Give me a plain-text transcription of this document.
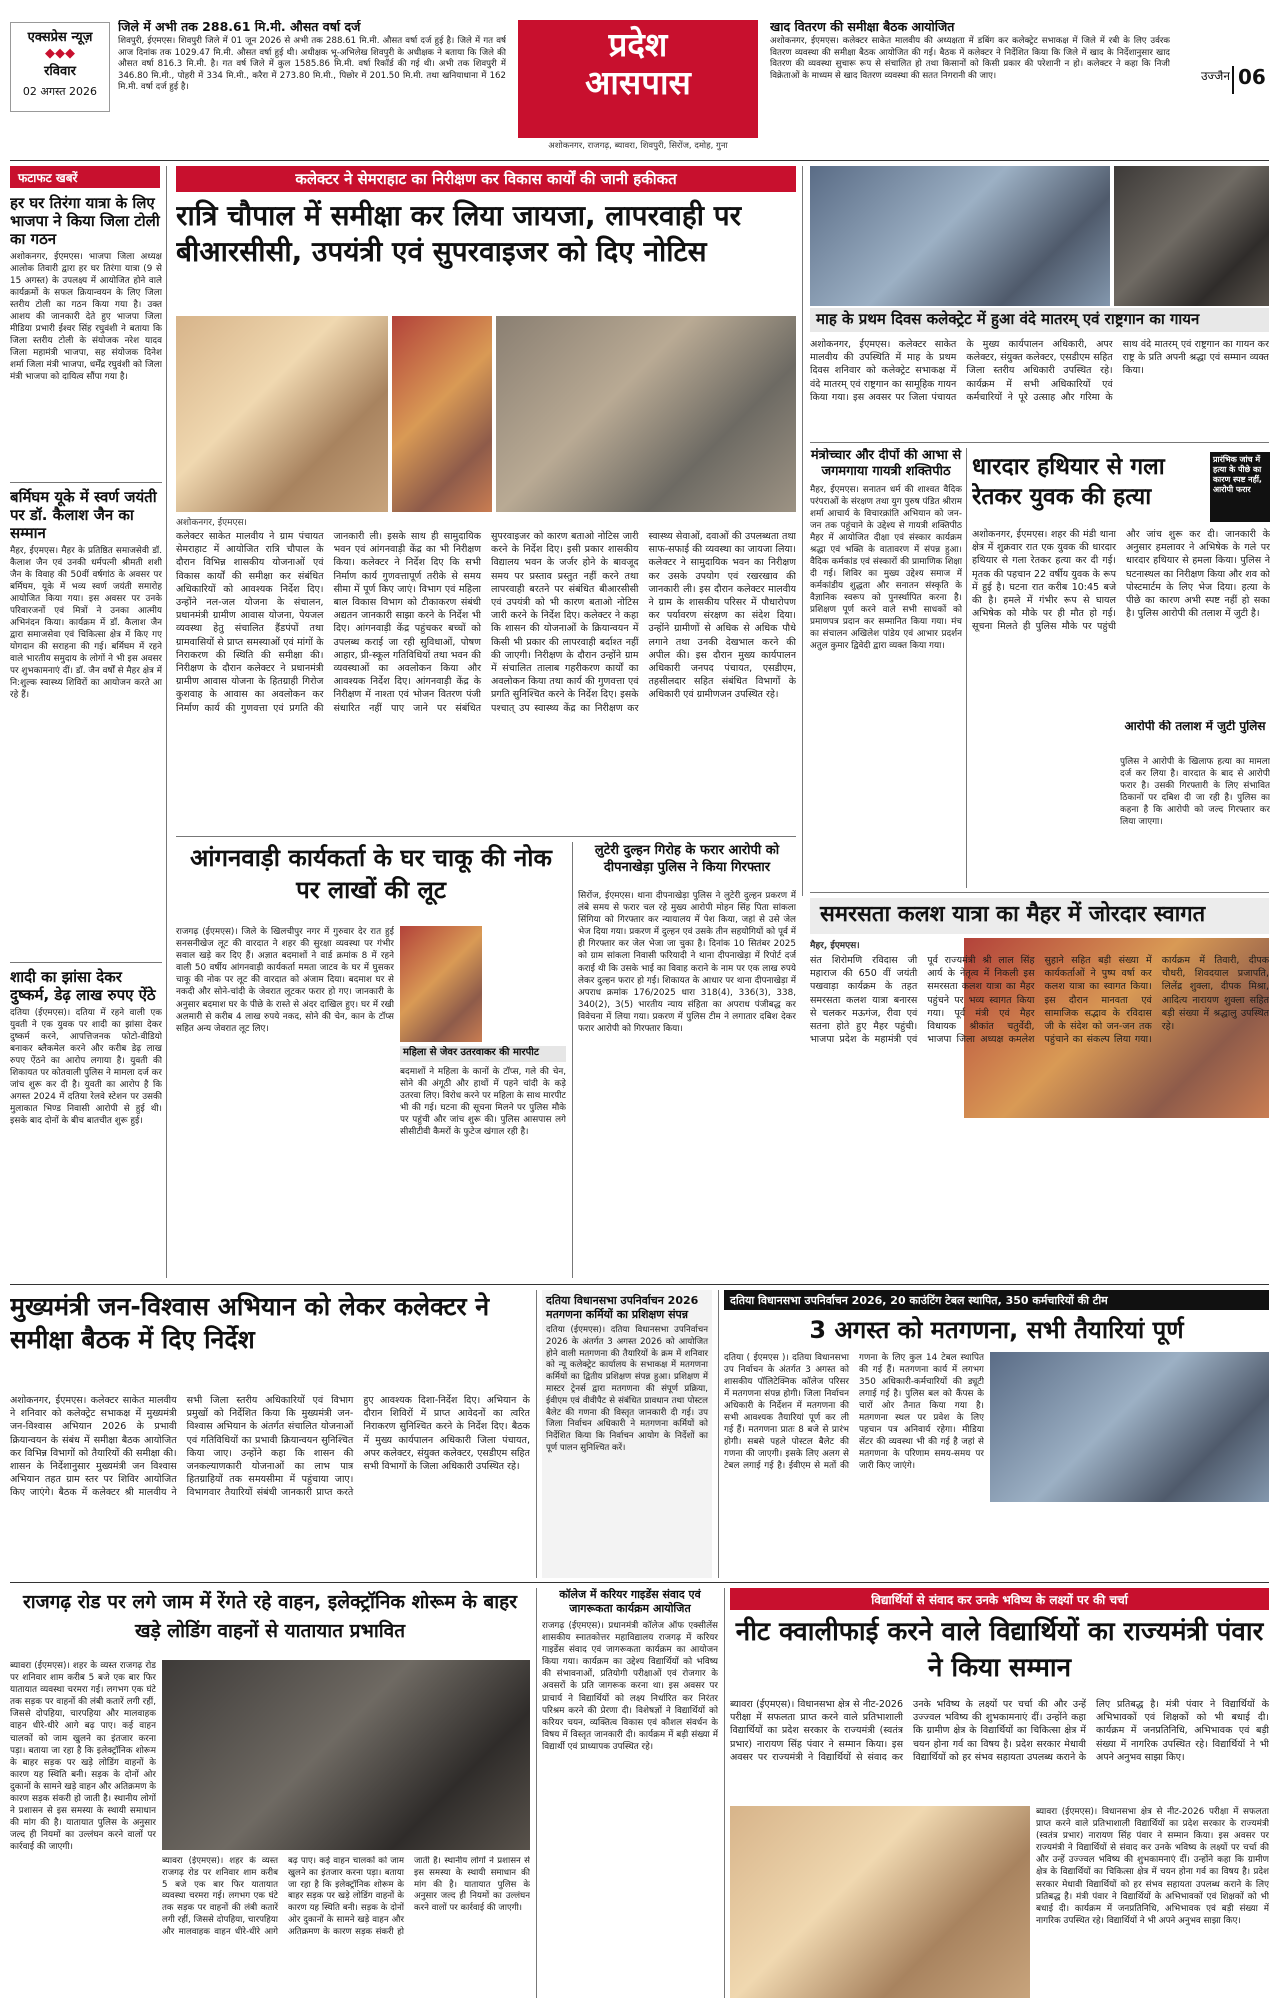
एक्सप्रेस न्यूज़
◆◆◆
रविवार
02 अगस्त 2026
जिले में अभी तक 288.61 मि.मी. औसत वर्षा दर्ज
शिवपुरी, ईएमएस। शिवपुरी जिले में 01 जून 2026 से अभी तक 288.61 मि.मी. औसत वर्षा दर्ज हुई है। जिले में गत वर्ष आज दिनांक तक 1029.47 मि.मी. औसत वर्षा हुई थी। अधीक्षक भू-अभिलेख शिवपुरी के अधीक्षक ने बताया कि जिले की औसत वर्षा 816.3 मि.मी. है। गत वर्ष जिले में कुल 1585.86 मि.मी. वर्षा रिकॉर्ड की गई थी। अभी तक शिवपुरी में 346.80 मि.मी., पोहरी में 334 मि.मी., करैरा में 273.80 मि.मी., पिछोर में 201.50 मि.मी. तथा खनियाधाना में 162 मि.मी. वर्षा दर्ज हुई है।
प्रदेश
आसपास
अशोकनगर, राजगढ़, ब्यावरा, शिवपुरी, सिरोंज, दमोह, गुना
खाद वितरण की समीक्षा बैठक आयोजित
अशोकनगर, ईएमएस। कलेक्टर साकेत मालवीय की अध्यक्षता में डबिंग कर कलेक्ट्रेट सभाकक्ष में जिले में रबी के लिए उर्वरक वितरण व्यवस्था की समीक्षा बैठक आयोजित की गई। बैठक में कलेक्टर ने निर्देशित किया कि जिले में खाद के निर्देशानुसार खाद वितरण की व्यवस्था सुचारू रूप से संचालित हो तथा किसानों को किसी प्रकार की परेशानी न हो। कलेक्टर ने कहा कि निजी विक्रेताओं के माध्यम से खाद वितरण व्यवस्था की सतत निगरानी की जाए।	उज्जैन 06
फटाफट खबरें
हर घर तिरंगा यात्रा के लिए भाजपा ने किया जिला टोली का गठन
अशोकनगर, ईएमएस। भाजपा जिला अध्यक्ष आलोक तिवारी द्वारा हर घर तिरंगा यात्रा (9 से 15 अगस्त) के उपलक्ष्य में आयोजित होने वाले कार्यक्रमों के सफल क्रियान्वयन के लिए जिला स्तरीय टोली का गठन किया गया है। उक्त आशय की जानकारी देते हुए भाजपा जिला मीडिया प्रभारी ईश्वर सिंह रघुवंशी ने बताया कि जिला स्तरीय टोली के संयोजक नरेश यादव जिला महामंत्री भाजपा, सह संयोजक दिनेश शर्मा जिला मंत्री भाजपा, धर्मेंद्र रघुवंशी को जिला मंत्री भाजपा को दायित्व सौंपा गया है।
बर्मिघम यूके में स्वर्ण जयंती पर डॉ. कैलाश जैन का सम्मान
मैहर, ईएमएस। मैहर के प्रतिष्ठित समाजसेवी डॉ. कैलाश जैन एवं उनकी धर्मपत्नी श्रीमती शशी जैन के विवाह की 50वीं वर्षगांठ के अवसर पर बर्मिघम, यूके में भव्य स्वर्ण जयंती समारोह आयोजित किया गया। इस अवसर पर उनके परिवारजनों एवं मित्रों ने उनका आत्मीय अभिनंदन किया। कार्यक्रम में डॉ. कैलाश जैन द्वारा समाजसेवा एवं चिकित्सा क्षेत्र में किए गए योगदान की सराहना की गई। बर्मिघम में रहने वाले भारतीय समुदाय के लोगों ने भी इस अवसर पर शुभकामनाएं दीं। डॉ. जैन वर्षों से मैहर क्षेत्र में नि:शुल्क स्वास्थ्य शिविरों का आयोजन करते आ रहे हैं।
शादी का झांसा देकर दुष्कर्म, डेढ़ लाख रुपए ऐंठे
दतिया (ईएमएस)। दतिया में रहने वाली एक युवती ने एक युवक पर शादी का झांसा देकर दुष्कर्म करने, आपत्तिजनक फोटो-वीडियो बनाकर ब्लैकमेल करने और करीब डेढ़ लाख रुपए ऐंठने का आरोप लगाया है। युवती की शिकायत पर कोतवाली पुलिस ने मामला दर्ज कर जांच शुरू कर दी है। युवती का आरोप है कि अगस्त 2024 में दतिया रेलवे स्टेशन पर उसकी मुलाकात भिण्ड निवासी आरोपी से हुई थी। इसके बाद दोनों के बीच बातचीत शुरू हुई।
कलेक्टर ने सेमराहाट का निरीक्षण कर विकास कार्यों की जानी हकीकत
रात्रि चौपाल में समीक्षा कर लिया जायजा, लापरवाही पर बीआरसीसी, उपयंत्री एवं सुपरवाइजर को दिए नोटिस
अशोकनगर, ईएमएस।
कलेक्टर साकेत मालवीय ने ग्राम पंचायत सेमराहाट में आयोजित रात्रि चौपाल के दौरान विभिन्न शासकीय योजनाओं एवं विकास कार्यों की समीक्षा कर संबंधित अधिकारियों को आवश्यक निर्देश दिए। उन्होंने नल-जल योजना के संचालन, प्रधानमंत्री ग्रामीण आवास योजना, पेयजल व्यवस्था हेतु संचालित हैंडपंपों तथा ग्रामवासियों से प्राप्त समस्याओं एवं मांगों के निराकरण की स्थिति की समीक्षा की। निरीक्षण के दौरान कलेक्टर ने प्रधानमंत्री ग्रामीण आवास योजना के हितग्राही गिरोज कुशवाह के आवास का अवलोकन कर निर्माण कार्य की गुणवत्ता एवं प्रगति की जानकारी ली। इसके साथ ही सामुदायिक भवन एवं आंगनवाड़ी केंद्र का भी निरीक्षण किया। कलेक्टर ने निर्देश दिए कि सभी निर्माण कार्य गुणवत्तापूर्ण तरीके से समय सीमा में पूर्ण किए जाएं। विभाग एवं महिला बाल विकास विभाग को टीकाकरण संबंधी अद्यतन जानकारी साझा करने के निर्देश भी दिए। आंगनवाड़ी केंद्र पहुंचकर बच्चों को उपलब्ध कराई जा रही सुविधाओं, पोषण आहार, प्री-स्कूल गतिविधियों तथा भवन की व्यवस्थाओं का अवलोकन किया और आवश्यक निर्देश दिए। आंगनवाड़ी केंद्र के निरीक्षण में नाश्ता एवं भोजन वितरण पंजी संधारित नहीं पाए जाने पर संबंधित सुपरवाइजर को कारण बताओ नोटिस जारी करने के निर्देश दिए। इसी प्रकार शासकीय विद्यालय भवन के जर्जर होने के बावजूद समय पर प्रस्ताव प्रस्तुत नहीं करने तथा लापरवाही बरतने पर संबंधित बीआरसीसी एवं उपयंत्री को भी कारण बताओ नोटिस जारी करने के निर्देश दिए। कलेक्टर ने कहा कि शासन की योजनाओं के क्रियान्वयन में किसी भी प्रकार की लापरवाही बर्दाश्त नहीं की जाएगी। निरीक्षण के दौरान उन्होंने ग्राम में संचालित तालाब गहरीकरण कार्यों का अवलोकन किया तथा कार्य की गुणवत्ता एवं प्रगति सुनिश्चित करने के निर्देश दिए। इसके पश्चात् उप स्वास्थ्य केंद्र का निरीक्षण कर स्वास्थ्य सेवाओं, दवाओं की उपलब्धता तथा साफ-सफाई की व्यवस्था का जायजा लिया। कलेक्टर ने सामुदायिक भवन का निरीक्षण कर उसके उपयोग एवं रखरखाव की जानकारी ली। इस दौरान कलेक्टर मालवीय ने ग्राम के शासकीय परिसर में पौधारोपण कर पर्यावरण संरक्षण का संदेश दिया। उन्होंने ग्रामीणों से अधिक से अधिक पौधे लगाने तथा उनकी देखभाल करने की अपील की। इस दौरान मुख्य कार्यपालन अधिकारी जनपद पंचायत, एसडीएम, तहसीलदार सहित संबंधित विभागों के अधिकारी एवं ग्रामीणजन उपस्थित रहे।
माह के प्रथम दिवस कलेक्ट्रेट में हुआ वंदे मातरम् एवं राष्ट्रगान का गायन
अशोकनगर, ईएमएस। कलेक्टर साकेत मालवीय की उपस्थिति में माह के प्रथम दिवस शनिवार को कलेक्ट्रेट सभाकक्ष में वंदे मातरम् एवं राष्ट्रगान का सामूहिक गायन किया गया। इस अवसर पर जिला पंचायत के मुख्य कार्यपालन अधिकारी, अपर कलेक्टर, संयुक्त कलेक्टर, एसडीएम सहित जिला स्तरीय अधिकारी उपस्थित रहे। कार्यक्रम में सभी अधिकारियों एवं कर्मचारियों ने पूरे उत्साह और गरिमा के साथ वंदे मातरम् एवं राष्ट्रगान का गायन कर राष्ट्र के प्रति अपनी श्रद्धा एवं सम्मान व्यक्त किया।
मंत्रोच्चार और दीपों की आभा से जगमगाया गायत्री शक्तिपीठ
मैहर, ईएमएस। सनातन धर्म की शाश्वत वैदिक परंपराओं के संरक्षण तथा युग पुरुष पंडित श्रीराम शर्मा आचार्य के विचारक्रांति अभियान को जन-जन तक पहुंचाने के उद्देश्य से गायत्री शक्तिपीठ मैहर में आयोजित दीक्षा एवं संस्कार कार्यक्रम श्रद्धा एवं भक्ति के वातावरण में संपन्न हुआ। वैदिक कर्मकांड एवं संस्कारों की प्रामाणिक शिक्षा दी गई। शिविर का मुख्य उद्देश्य समाज में कर्मकांडीय शुद्धता और सनातन संस्कृति के वैज्ञानिक स्वरूप को पुनर्स्थापित करना है। प्रशिक्षण पूर्ण करने वाले सभी साधकों को प्रमाणपत्र प्रदान कर सम्मानित किया गया। मंच का संचालन अखिलेश पांडेय एवं आभार प्रदर्शन अतुल कुमार द्विवेदी द्वारा व्यक्त किया गया।
धारदार हथियार से गला रेतकर युवक की हत्या
प्रारंभिक जांच में हत्या के पीछे का कारण स्पष्ट नहीं, आरोपी फरार
अशोकनगर, ईएमएस। शहर की मंडी थाना क्षेत्र में शुक्रवार रात एक युवक की धारदार हथियार से गला रेतकर हत्या कर दी गई। मृतक की पहचान 22 वर्षीय युवक के रूप में हुई है। घटना रात करीब 10:45 बजे की है। हमले में गंभीर रूप से घायल अभिषेक को मौके पर ही मौत हो गई। सूचना मिलते ही पुलिस मौके पर पहुंची और जांच शुरू कर दी। जानकारी के अनुसार हमलावर ने अभिषेक के गले पर धारदार हथियार से हमला किया। पुलिस ने घटनास्थल का निरीक्षण किया और शव को पोस्टमार्टम के लिए भेज दिया। हत्या के पीछे का कारण अभी स्पष्ट नहीं हो सका है। पुलिस आरोपी की तलाश में जुटी है।
आरोपी की तलाश में जुटी पुलिस
पुलिस ने आरोपी के खिलाफ हत्या का मामला दर्ज कर लिया है। वारदात के बाद से आरोपी फरार है। उसकी गिरफ्तारी के लिए संभावित ठिकानों पर दबिश दी जा रही है। पुलिस का कहना है कि आरोपी को जल्द गिरफ्तार कर लिया जाएगा।
आंगनवाड़ी कार्यकर्ता के घर चाकू की नोक पर लाखों की लूट
राजगढ़ (ईएमएस)। जिले के खिलचीपुर नगर में गुरुवार देर रात हुई सनसनीखेज लूट की वारदात ने शहर की सुरक्षा व्यवस्था पर गंभीर सवाल खड़े कर दिए हैं। अज्ञात बदमाशों ने वार्ड क्रमांक 8 में रहने वाली 50 वर्षीय आंगनवाड़ी कार्यकर्ता ममता जाटव के घर में घुसकर चाकू की नोक पर लूट की वारदात को अंजाम दिया। बदमाश घर से नकदी और सोने-चांदी के जेवरात लूटकर फरार हो गए। जानकारी के अनुसार बदमाश घर के पीछे के रास्ते से अंदर दाखिल हुए। घर में रखी अलमारी से करीब 4 लाख रुपये नकद, सोने की चेन, कान के टॉप्स सहित अन्य जेवरात लूट लिए।
महिला से जेवर उतरवाकर की मारपीट
बदमाशों ने महिला के कानों के टॉप्स, गले की चेन, सोने की अंगूठी और हाथों में पहने चांदी के कड़े उतरवा लिए। विरोध करने पर महिला के साथ मारपीट भी की गई। घटना की सूचना मिलने पर पुलिस मौके पर पहुंची और जांच शुरू की। पुलिस आसपास लगे सीसीटीवी कैमरों के फुटेज खंगाल रही है।
लुटेरी दुल्हन गिरोह के फरार आरोपी को दीपनाखेड़ा पुलिस ने किया गिरफ्तार
सिरोंज, ईएमएस। थाना दीपनाखेड़ा पुलिस ने लुटेरी दुल्हन प्रकरण में लंबे समय से फरार चल रहे मुख्य आरोपी मोहन सिंह पिता सांकला सिंगिया को गिरफ्तार कर न्यायालय में पेश किया, जहां से उसे जेल भेज दिया गया। प्रकरण में दुल्हन एवं उसके तीन सहयोगियों को पूर्व में ही गिरफ्तार कर जेल भेजा जा चुका है। दिनांक 10 सितंबर 2025 को ग्राम सांकला निवासी फरियादी ने थाना दीपनाखेड़ा में रिपोर्ट दर्ज कराई थी कि उसके भाई का विवाह कराने के नाम पर एक लाख रुपये लेकर दुल्हन फरार हो गई। शिकायत के आधार पर थाना दीपनाखेड़ा में अपराध क्रमांक 176/2025 धारा 318(4), 336(3), 338, 340(2), 3(5) भारतीय न्याय संहिता का अपराध पंजीबद्ध कर विवेचना में लिया गया। प्रकरण में पुलिस टीम ने लगातार दबिश देकर फरार आरोपी को गिरफ्तार किया।
समरसता कलश यात्रा का मैहर में जोरदार स्वागत
मैहर, ईएमएस।
संत शिरोमणि रविदास जी महाराज की 650 वीं जयंती पखवाड़ा कार्यक्रम के तहत समरसता कलश यात्रा बनारस से चलकर मऊगंज, रीवा एवं सतना होते हुए मैहर पहुंची। भाजपा प्रदेश के महामंत्री एवं पूर्व राज्यमंत्री श्री लाल सिंह आर्य के नेतृत्व में निकली इस समरसता कलश यात्रा का मैहर पहुंचने पर भव्य स्वागत किया गया। पूर्व मंत्री एवं मैहर विधायक श्रीकांत चतुर्वेदी, भाजपा जिला अध्यक्ष कमलेश सुहाने सहित बड़ी संख्या में कार्यकर्ताओं ने पुष्प वर्षा कर कलश यात्रा का स्वागत किया। इस दौरान मानवता एवं सामाजिक सद्भाव के रविदास जी के संदेश को जन-जन तक पहुंचाने का संकल्प लिया गया। कार्यक्रम में तिवारी, दीपक चौधरी, शिवदयाल प्रजापति, लिलेंद्र शुक्ला, दीपक मिश्रा, आदित्य नारायण शुक्ला सहित बड़ी संख्या में श्रद्धालु उपस्थित रहे।
मुख्यमंत्री जन-विश्वास अभियान को लेकर कलेक्टर ने समीक्षा बैठक में दिए निर्देश
अशोकनगर, ईएमएस। कलेक्टर साकेत मालवीय ने शनिवार को कलेक्ट्रेट सभाकक्ष में मुख्यमंत्री जन-विश्वास अभियान 2026 के प्रभावी क्रियान्वयन के संबंध में समीक्षा बैठक आयोजित कर विभिन्न विभागों को तैयारियों की समीक्षा की। शासन के निर्देशानुसार मुख्यमंत्री जन विश्वास अभियान तहत ग्राम स्तर पर शिविर आयोजित किए जाएंगे। बैठक में कलेक्टर श्री मालवीय ने सभी जिला स्तरीय अधिकारियों एवं विभाग प्रमुखों को निर्देशित किया कि मुख्यमंत्री जन-विश्वास अभियान के अंतर्गत संचालित योजनाओं एवं गतिविधियों का प्रभावी क्रियान्वयन सुनिश्चित किया जाए। उन्होंने कहा कि शासन की जनकल्याणकारी योजनाओं का लाभ पात्र हितग्राहियों तक समयसीमा में पहुंचाया जाए। विभागवार तैयारियों संबंधी जानकारी प्राप्त करते हुए आवश्यक दिशा-निर्देश दिए। अभियान के दौरान शिविरों में प्राप्त आवेदनों का त्वरित निराकरण सुनिश्चित करने के निर्देश दिए। बैठक में मुख्य कार्यपालन अधिकारी जिला पंचायत, अपर कलेक्टर, संयुक्त कलेक्टर, एसडीएम सहित सभी विभागों के जिला अधिकारी उपस्थित रहे।
दतिया विधानसभा उपनिर्वाचन 2026 मतगणना कर्मियों का प्रशिक्षण संपन्न
दतिया (ईएमएस)। दतिया विधानसभा उपनिर्वाचन 2026 के अंतर्गत 3 अगस्त 2026 को आयोजित होने वाली मतगणना की तैयारियों के क्रम में शनिवार को न्यू कलेक्ट्रेट कार्यालय के सभाकक्ष में मतगणना कर्मियों का द्वितीय प्रशिक्षण संपन्न हुआ। प्रशिक्षण में मास्टर ट्रेनर्स द्वारा मतगणना की संपूर्ण प्रक्रिया, ईवीएम एवं वीवीपैट से संबंधित प्रावधान तथा पोस्टल बैलेट की गणना की विस्तृत जानकारी दी गई। उप जिला निर्वाचन अधिकारी ने मतगणना कर्मियों को निर्देशित किया कि निर्वाचन आयोग के निर्देशों का पूर्ण पालन सुनिश्चित करें।
दतिया विधानसभा उपनिर्वाचन 2026, 20 काउंटिंग टेबल स्थापित, 350 कर्मचारियों की टीम
3 अगस्त को मतगणना, सभी तैयारियां पूर्ण
दतिया ( ईएमएस )। दतिया विधानसभा उप निर्वाचन के अंतर्गत 3 अगस्त को शासकीय पॉलिटेक्निक कॉलेज परिसर में मतगणना संपन्न होगी। जिला निर्वाचन अधिकारी के निर्देशन में मतगणना की सभी आवश्यक तैयारियां पूर्ण कर ली गई हैं। मतगणना प्रातः 8 बजे से प्रारंभ होगी। सबसे पहले पोस्टल बैलेट की गणना की जाएगी। इसके लिए अलग से टेबल लगाई गई है। ईवीएम से मतों की गणना के लिए कुल 14 टेबल स्थापित की गई हैं। मतगणना कार्य में लगभग 350 अधिकारी-कर्मचारियों की ड्यूटी लगाई गई है। पुलिस बल को कैंपस के चारों ओर तैनात किया गया है। मतगणना स्थल पर प्रवेश के लिए पहचान पत्र अनिवार्य रहेगा। मीडिया सेंटर की व्यवस्था भी की गई है जहां से मतगणना के परिणाम समय-समय पर जारी किए जाएंगे।
राजगढ़ रोड पर लगे जाम में रेंगते रहे वाहन, इलेक्ट्रॉनिक शोरूम के बाहर खड़े लोडिंग वाहनों से यातायात प्रभावित
ब्यावरा (ईएमएस)। शहर के व्यस्त राजगढ़ रोड पर शनिवार शाम करीब 5 बजे एक बार फिर यातायात व्यवस्था चरमरा गई। लगभग एक घंटे तक सड़क पर वाहनों की लंबी कतारें लगी रहीं, जिससे दोपहिया, चारपहिया और मालवाहक वाहन धीरे-धीरे आगे बढ़ पाए। कई वाहन चालकों को जाम खुलने का इंतजार करना पड़ा। बताया जा रहा है कि इलेक्ट्रॉनिक शोरूम के बाहर सड़क पर खड़े लोडिंग वाहनों के कारण यह स्थिति बनी। सड़क के दोनों ओर दुकानों के सामने खड़े वाहन और अतिक्रमण के कारण सड़क संकरी हो जाती है। स्थानीय लोगों ने प्रशासन से इस समस्या के स्थायी समाधान की मांग की है। यातायात पुलिस के अनुसार जल्द ही नियमों का उल्लंघन करने वालों पर कार्रवाई की जाएगी।
ब्यावरा (ईएमएस)। शहर के व्यस्त राजगढ़ रोड पर शनिवार शाम करीब 5 बजे एक बार फिर यातायात व्यवस्था चरमरा गई। लगभग एक घंटे तक सड़क पर वाहनों की लंबी कतारें लगी रहीं, जिससे दोपहिया, चारपहिया और मालवाहक वाहन धीरे-धीरे आगे बढ़ पाए। कई वाहन चालकों को जाम खुलने का इंतजार करना पड़ा। बताया जा रहा है कि इलेक्ट्रॉनिक शोरूम के बाहर सड़क पर खड़े लोडिंग वाहनों के कारण यह स्थिति बनी। सड़क के दोनों ओर दुकानों के सामने खड़े वाहन और अतिक्रमण के कारण सड़क संकरी हो जाती है। स्थानीय लोगों ने प्रशासन से इस समस्या के स्थायी समाधान की मांग की है। यातायात पुलिस के अनुसार जल्द ही नियमों का उल्लंघन करने वालों पर कार्रवाई की जाएगी।
कॉलेज में करियर गाइडेंस संवाद एवं जागरूकता कार्यक्रम आयोजित
राजगढ़ (ईएमएस)। प्रधानमंत्री कॉलेज ऑफ एक्सीलेंस शासकीय स्नातकोत्तर महाविद्यालय राजगढ़ में करियर गाइडेंस संवाद एवं जागरूकता कार्यक्रम का आयोजन किया गया। कार्यक्रम का उद्देश्य विद्यार्थियों को भविष्य की संभावनाओं, प्रतियोगी परीक्षाओं एवं रोजगार के अवसरों के प्रति जागरूक करना था। इस अवसर पर प्राचार्य ने विद्यार्थियों को लक्ष्य निर्धारित कर निरंतर परिश्रम करने की प्रेरणा दी। विशेषज्ञों ने विद्यार्थियों को करियर चयन, व्यक्तित्व विकास एवं कौशल संवर्धन के विषय में विस्तृत जानकारी दी। कार्यक्रम में बड़ी संख्या में विद्यार्थी एवं प्राध्यापक उपस्थित रहे।
विद्यार्थियों से संवाद कर उनके भविष्य के लक्ष्यों पर की चर्चा
नीट क्वालीफाई करने वाले विद्यार्थियों का राज्यमंत्री पंवार ने किया सम्मान
ब्यावरा (ईएमएस)। विधानसभा क्षेत्र से नीट-2026 परीक्षा में सफलता प्राप्त करने वाले प्रतिभाशाली विद्यार्थियों का प्रदेश सरकार के राज्यमंत्री (स्वतंत्र प्रभार) नारायण सिंह पंवार ने सम्मान किया। इस अवसर पर राज्यमंत्री ने विद्यार्थियों से संवाद कर उनके भविष्य के लक्ष्यों पर चर्चा की और उन्हें उज्ज्वल भविष्य की शुभकामनाएं दीं। उन्होंने कहा कि ग्रामीण क्षेत्र के विद्यार्थियों का चिकित्सा क्षेत्र में चयन होना गर्व का विषय है। प्रदेश सरकार मेधावी विद्यार्थियों को हर संभव सहायता उपलब्ध कराने के लिए प्रतिबद्ध है। मंत्री पंवार ने विद्यार्थियों के अभिभावकों एवं शिक्षकों को भी बधाई दी। कार्यक्रम में जनप्रतिनिधि, अभिभावक एवं बड़ी संख्या में नागरिक उपस्थित रहे। विद्यार्थियों ने भी अपने अनुभव साझा किए।
ब्यावरा (ईएमएस)। विधानसभा क्षेत्र से नीट-2026 परीक्षा में सफलता प्राप्त करने वाले प्रतिभाशाली विद्यार्थियों का प्रदेश सरकार के राज्यमंत्री (स्वतंत्र प्रभार) नारायण सिंह पंवार ने सम्मान किया। इस अवसर पर राज्यमंत्री ने विद्यार्थियों से संवाद कर उनके भविष्य के लक्ष्यों पर चर्चा की और उन्हें उज्ज्वल भविष्य की शुभकामनाएं दीं। उन्होंने कहा कि ग्रामीण क्षेत्र के विद्यार्थियों का चिकित्सा क्षेत्र में चयन होना गर्व का विषय है। प्रदेश सरकार मेधावी विद्यार्थियों को हर संभव सहायता उपलब्ध कराने के लिए प्रतिबद्ध है। मंत्री पंवार ने विद्यार्थियों के अभिभावकों एवं शिक्षकों को भी बधाई दी। कार्यक्रम में जनप्रतिनिधि, अभिभावक एवं बड़ी संख्या में नागरिक उपस्थित रहे। विद्यार्थियों ने भी अपने अनुभव साझा किए।
